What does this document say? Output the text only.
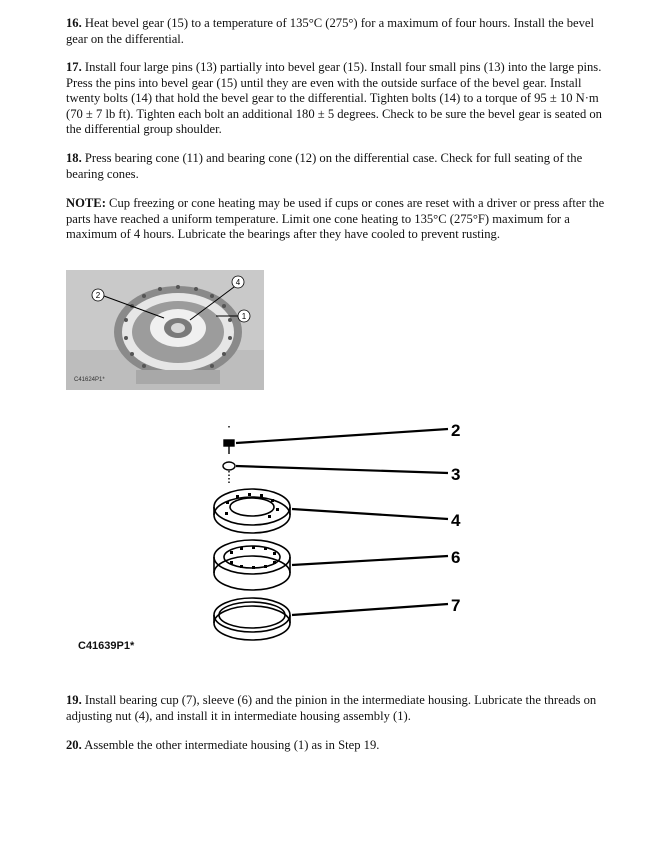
16. Heat bevel gear (15) to a temperature of 135°C (275°) for a maximum of four hours. Install the bevel gear on the differential.

17. Install four large pins (13) partially into bevel gear (15). Install four small pins (13) into the large pins. Press the pins into bevel gear (15) until they are even with the outside surface of the bevel gear. Install twenty bolts (14) that hold the bevel gear to the differential. Tighten bolts (14) to a torque of 95 ± 10 N·m (70 ± 7 lb ft). Tighten each bolt an additional 180 ± 5 degrees. Check to be sure the bevel gear is seated on the differential group shoulder.

18. Press bearing cone (11) and bearing cone (12) on the differential case. Check for full seating of the bearing cones.

NOTE: Cup freezing or cone heating may be used if cups or cones are reset with a driver or press after the parts have reached a uniform temperature. Limit one cone heating to 135°C (275°F) maximum for a maximum of 4 hours. Lubricate the bearings after they have cooled to prevent rusting.

2
4
1
C41624P1*
2
3
4
6
7
C41639P1*

19. Install bearing cup (7), sleeve (6) and the pinion in the intermediate housing. Lubricate the threads on adjusting nut (4), and install it in intermediate housing assembly (1).

20. Assemble the other intermediate housing (1) as in Step 19.
